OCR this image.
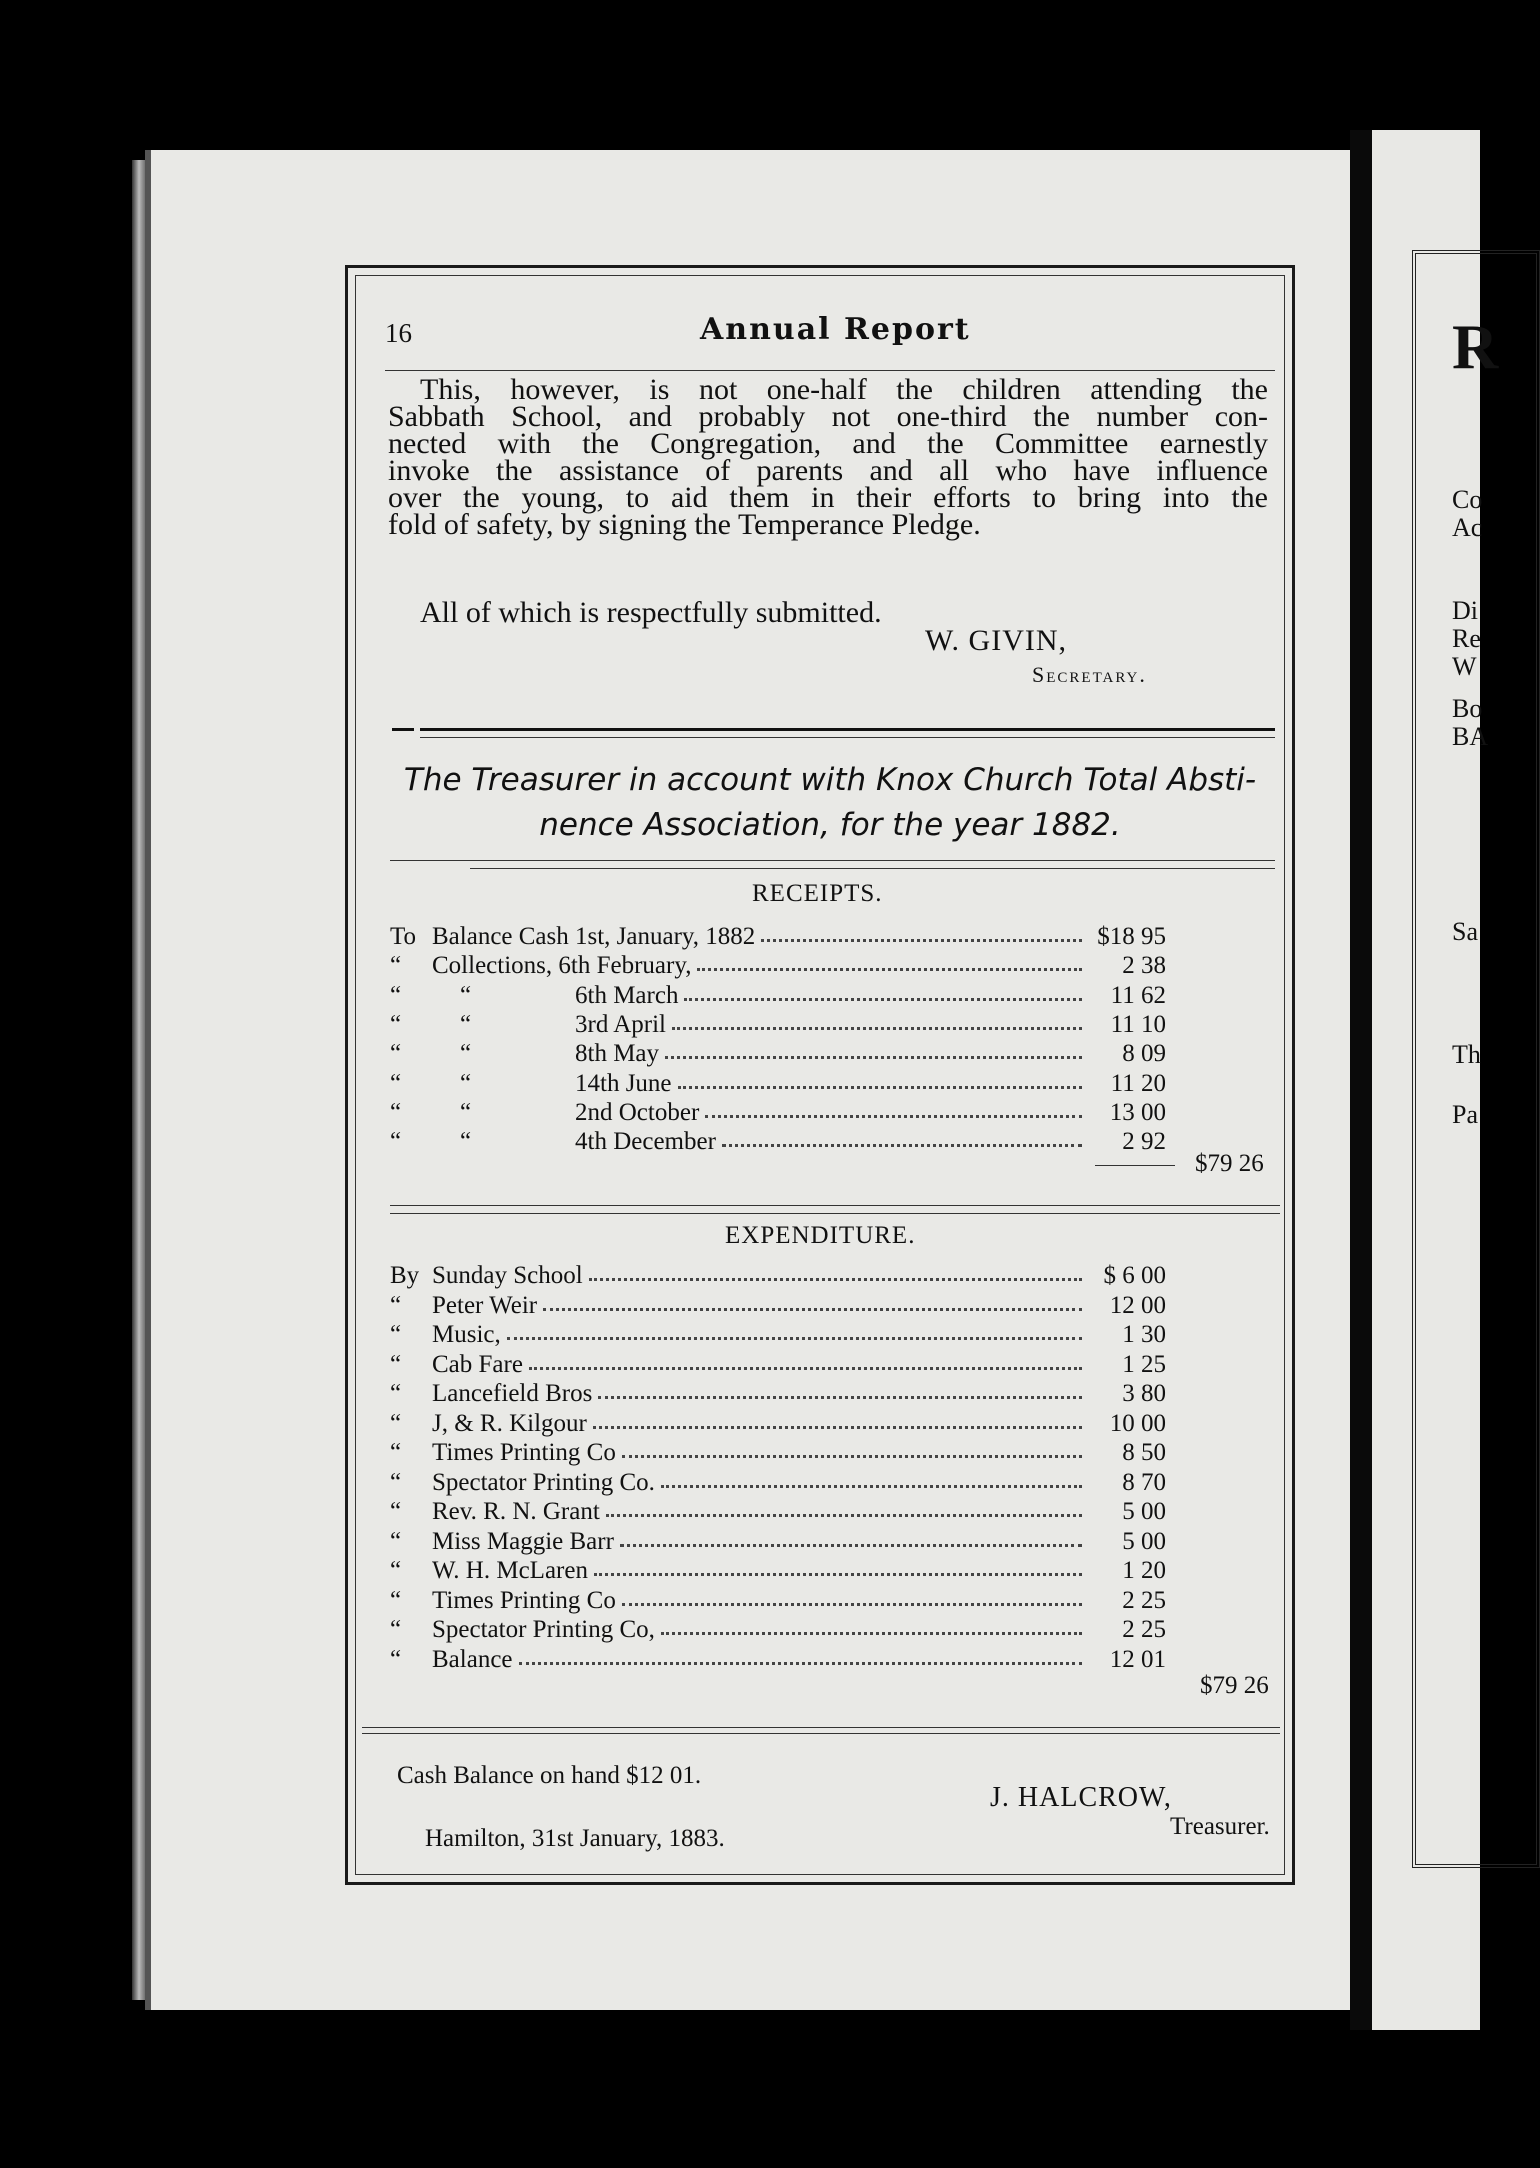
R
Co
Ac
Di
Re
W
Bo
BA
Sa
Th
Pa
16	Annual Report
This, however, is not one-half the children attending the
Sabbath School, and probably not one-third the number con-
nected with the Congregation, and the Committee earnestly
invoke the assistance of parents and all who have influence
over the young, to aid them in their efforts to bring into the
fold of safety, by signing the Temperance Pledge.
All of which is respectfully submitted.
W. GIVIN,
Secretary.
The Treasurer in account with Knox Church Total Absti-
nence Association, for the year 1882.
RECEIPTS.
To Balance Cash 1st, January, 1882	$18 95
“ Collections, 6th February,	2 38
“ “	6th March	11 62
“ “	3rd April	11 10
“ “	8th May	8 09
“ “	14th June	11 20
“ “	2nd October	13 00
“ “	4th December	2 92
$79 26
EXPENDITURE.
By Sunday School	$ 6 00
“ Peter Weir	12 00
“ Music,	1 30
“ Cab Fare	1 25
“ Lancefield Bros	3 80
“ J, & R. Kilgour	10 00
“ Times Printing Co	8 50
“ Spectator Printing Co.	8 70
“ Rev. R. N. Grant	5 00
“ Miss Maggie Barr	5 00
“ W. H. McLaren	1 20
“ Times Printing Co	2 25
“ Spectator Printing Co,	2 25
“ Balance	12 01
$79 26
Cash Balance on hand $12 01.
Hamilton, 31st January, 1883.
J. HALCROW,
Treasurer.
